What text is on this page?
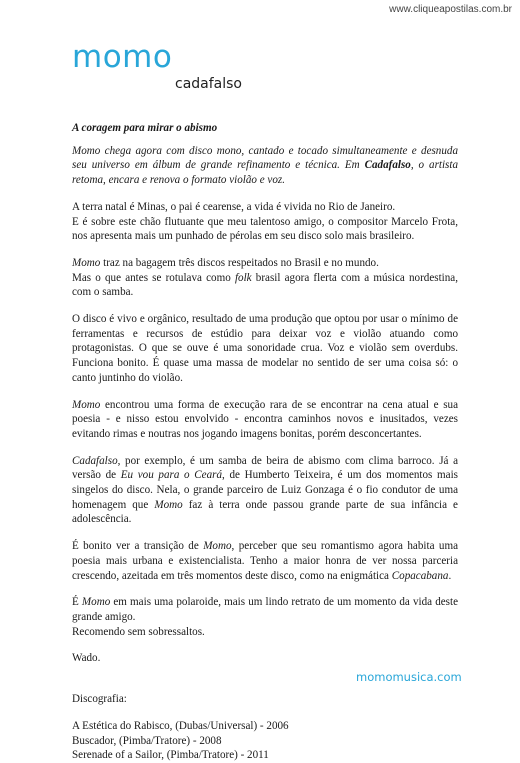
www.cliqueapostilas.com.br
momo
cadafalso
A coragem para mirar o abismo

Momo chega agora com disco mono, cantado e tocado simultaneamente e desnuda seu universo em álbum de grande refinamento e técnica. Em Cadafalso, o artista retoma, encara e renova o formato violão e voz.

A terra natal é Minas, o pai é cearense, a vida é vivida no Rio de Janeiro.

E é sobre este chão flutuante que meu talentoso amigo, o compositor Marcelo Frota, nos apresenta mais um punhado de pérolas em seu disco solo mais brasileiro.

Momo traz na bagagem três discos respeitados no Brasil e no mundo.

Mas o que antes se rotulava como folk brasil agora flerta com a música nordestina, com o samba.

O disco é vivo e orgânico, resultado de uma produção que optou por usar o mínimo de ferramentas e recursos de estúdio para deixar voz e violão atuando como protagonistas. O que se ouve é uma sonoridade crua. Voz e violão sem overdubs. Funciona bonito. É quase uma massa de modelar no sentido de ser uma coisa só: o canto juntinho do violão.

Momo encontrou uma forma de execução rara de se encontrar na cena atual e sua poesia - e nisso estou envolvido - encontra caminhos novos e inusitados, vezes evitando rimas e noutras nos jogando imagens bonitas, porém desconcertantes.

Cadafalso, por exemplo, é um samba de beira de abismo com clima barroco. Já a versão de Eu vou para o Ceará, de Humberto Teixeira, é um dos momentos mais singelos do disco. Nela, o grande parceiro de Luiz Gonzaga é o fio condutor de uma homenagem que Momo faz à terra onde passou grande parte de sua infância e adolescência.

É bonito ver a transição de Momo, perceber que seu romantismo agora habita uma poesia mais urbana e existencialista. Tenho a maior honra de ver nossa parceria crescendo, azeitada em três momentos deste disco, como na enigmática Copacabana.

É Momo em mais uma polaroide, mais um lindo retrato de um momento da vida deste grande amigo.

Recomendo sem sobressaltos.

Wado.

Discografia:
A Estética do Rabisco, (Dubas/Universal) - 2006
Buscador, (Pimba/Tratore) - 2008
Serenade of a Sailor, (Pimba/Tratore) - 2011
momomusica.com
